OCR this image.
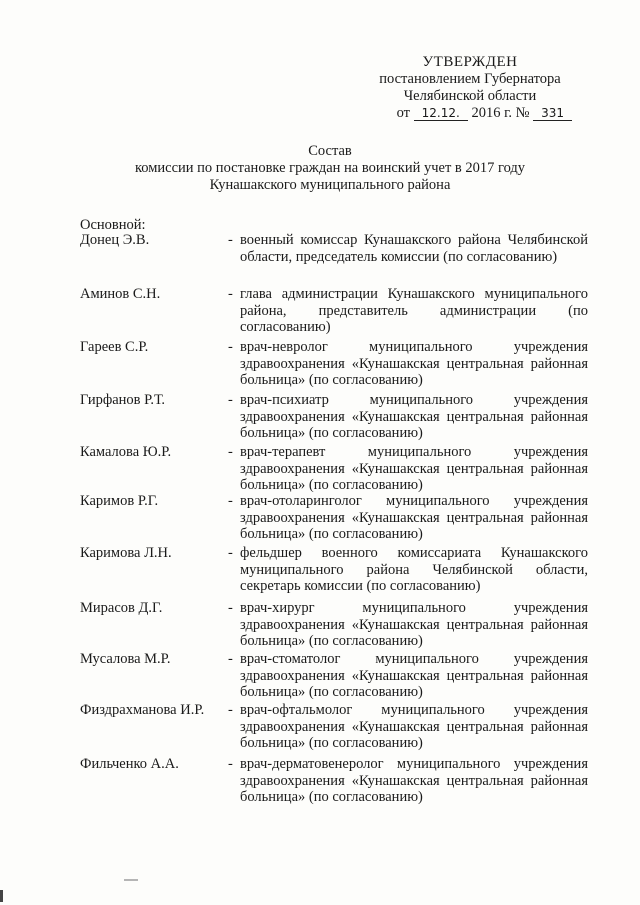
УТВЕРЖДЕН
постановлением Губернатора
Челябинской области
от 12.12. 2016 г. № 331
Состав
комиссии по постановке граждан на воинский учет в 2017 году
Кунашакского муниципального района
Основной:
Донец Э.В.	- военный комиссар Кунашакского района Челябинской области, председатель комиссии (по согласованию)
Аминов С.Н.	- глава администрации Кунашакского муниципального района, представитель администрации (по согласованию)
Гареев С.Р.	- врач-невролог муниципального учреждения здравоохранения «Кунашакская центральная районная больница» (по согласованию)
Гирфанов Р.Т.	- врач-психиатр муниципального учреждения здравоохранения «Кунашакская центральная районная больница» (по согласованию)
Камалова Ю.Р.	- врач-терапевт муниципального учреждения здравоохранения «Кунашакская центральная районная больница» (по согласованию)
Каримов Р.Г.	- врач-отоларинголог муниципального учреждения здравоохранения «Кунашакская центральная районная больница» (по согласованию)
Каримова Л.Н.	- фельдшер военного комиссариата Кунашакского муниципального района Челябинской области, секретарь комиссии (по согласованию)
Мирасов Д.Г.	- врач-хирург муниципального учреждения здравоохранения «Кунашакская центральная районная больница» (по согласованию)
Мусалова М.Р.	- врач-стоматолог муниципального учреждения здравоохранения «Кунашакская центральная районная больница» (по согласованию)
Физдрахманова И.Р.	- врач-офтальмолог муниципального учреждения здравоохранения «Кунашакская центральная районная больница» (по согласованию)
Фильченко А.А.	- врач-дерматовенеролог муниципального учреждения здравоохранения «Кунашакская центральная районная больница» (по согласованию)
